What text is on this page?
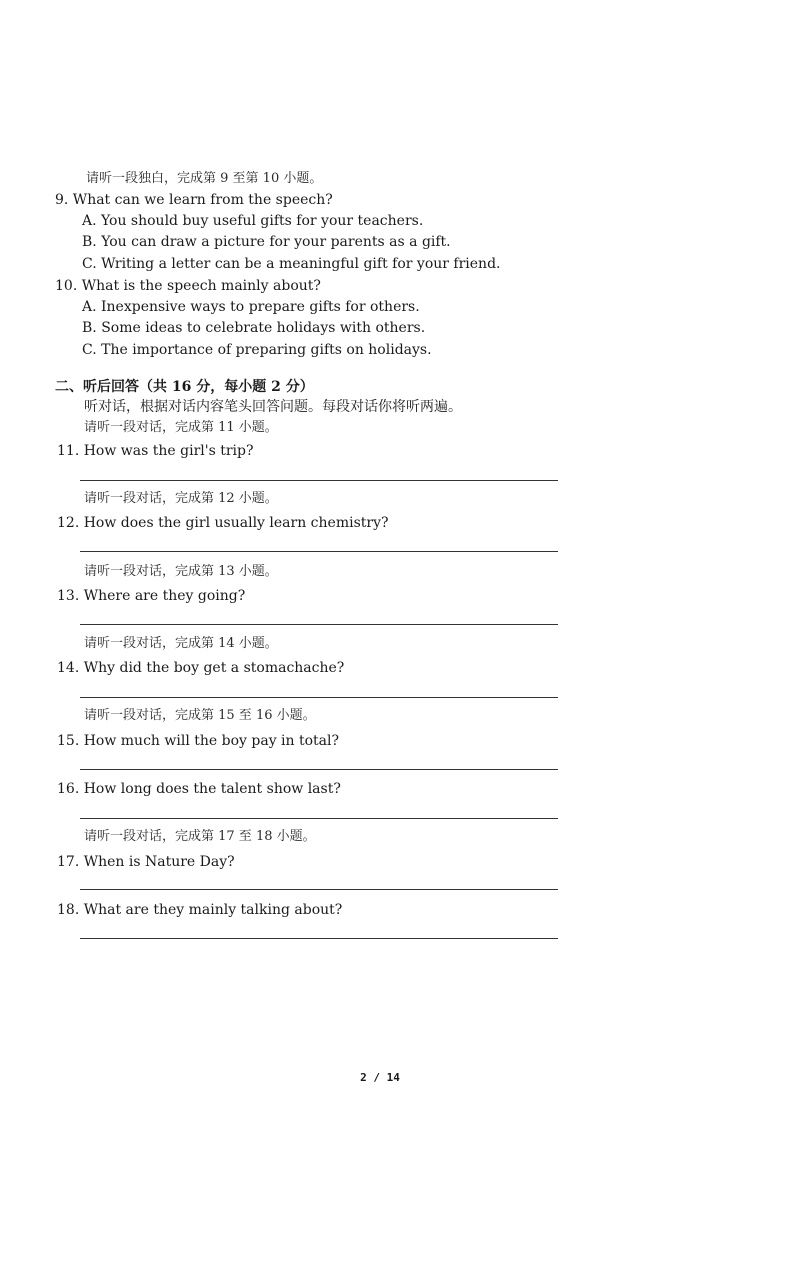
请听一段独白，完成第 9 至第 10 小题。
9. What can we learn from the speech?
A. You should buy useful gifts for your teachers.
B. You can draw a picture for your parents as a gift.
C. Writing a letter can be a meaningful gift for your friend.
10. What is the speech mainly about?
A. Inexpensive ways to prepare gifts for others.
B. Some ideas to celebrate holidays with others.
C. The importance of preparing gifts on holidays.
二、听后回答（共 16 分，每小题 2 分）
听对话，根据对话内容笔头回答问题。每段对话你将听两遍。
请听一段对话，完成第 11 小题。
11. How was the girl's trip?
请听一段对话，完成第 12 小题。
12. How does the girl usually learn chemistry?
请听一段对话，完成第 13 小题。
13. Where are they going?
请听一段对话，完成第 14 小题。
14. Why did the boy get a stomachache?
请听一段对话，完成第 15 至 16 小题。
15. How much will the boy pay in total?
16. How long does the talent show last?
请听一段对话，完成第 17 至 18 小题。
17. When is Nature Day?
18. What are they mainly talking about?
2 / 14
